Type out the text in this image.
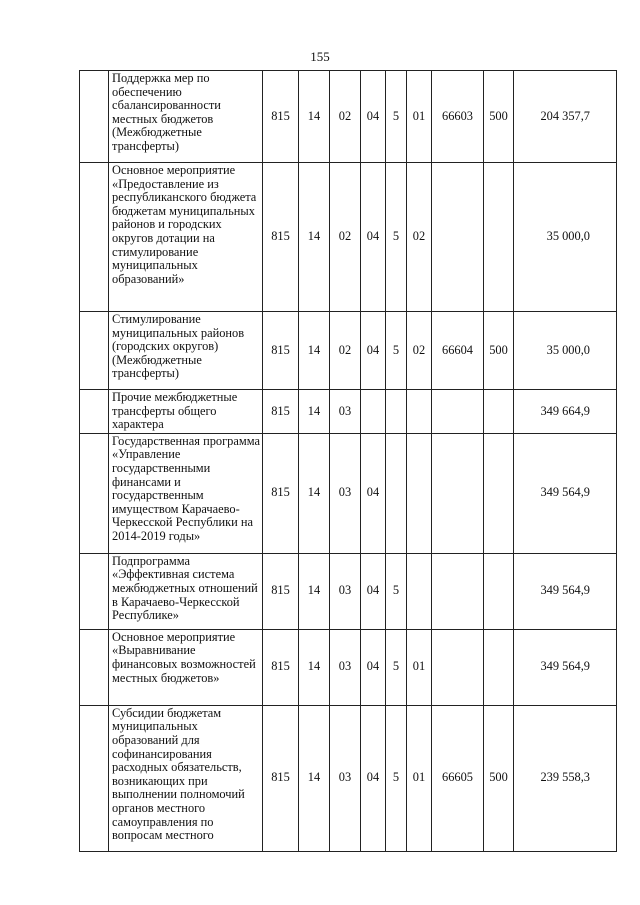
155
	Поддержка мер по обеспечению сбалансированности местных бюджетов (Межбюджетные трансферты)	815	14	02	04	5	01	66603	500	204 357,7
	Основное мероприятие «Предоставление из республиканского бюджета бюджетам муниципальных районов и городских округов дотации на стимулирование муниципальных образований»	815	14	02	04	5	02			35 000,0
	Стимулирование муниципальных районов (городских округов) (Межбюджетные трансферты)	815	14	02	04	5	02	66604	500	35 000,0
	Прочие межбюджетные трансферты общего характера	815	14	03						349 664,9
	Государственная программа «Управление государственными финансами и государственным имуществом Карачаево-Черкесской Республики на 2014-2019 годы»	815	14	03	04					349 564,9
	Подпрограмма «Эффективная система межбюджетных отношений в Карачаево-Черкесской Республике»	815	14	03	04	5				349 564,9
	Основное мероприятие «Выравнивание финансовых возможностей местных бюджетов»	815	14	03	04	5	01			349 564,9
	Субсидии бюджетам муниципальных образований для софинансирования расходных обязательств, возникающих при выполнении полномочий органов местного самоуправления по вопросам местного	815	14	03	04	5	01	66605	500	239 558,3
